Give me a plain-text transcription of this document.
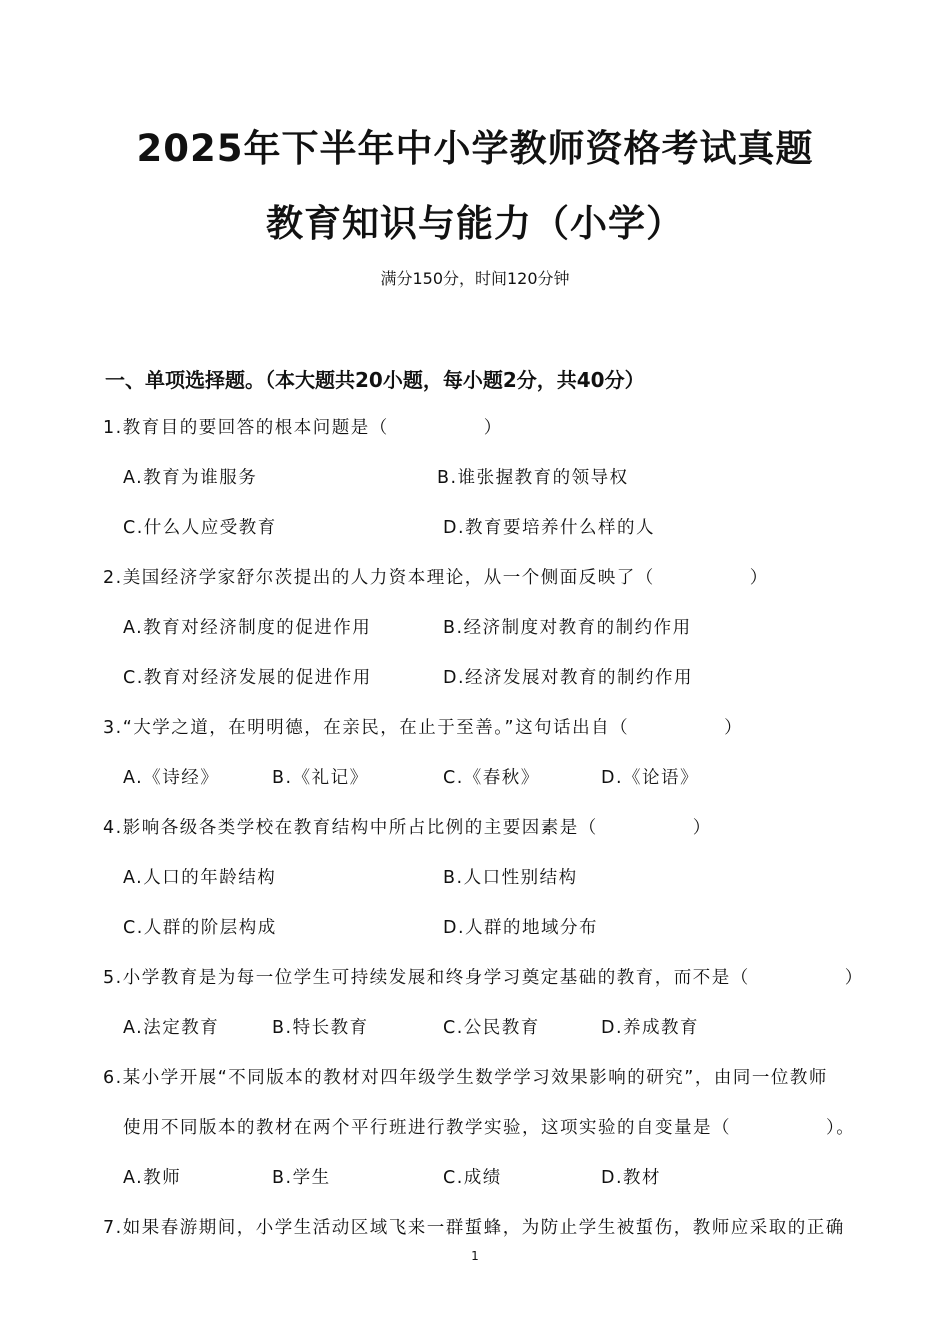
2025年下半年中小学教师资格考试真题
教育知识与能力（小学）
满分150分，时间120分钟
一、单项选择题。（本大题共20小题，每小题2分，共40分）
1.教育目的要回答的根本问题是（　　　　　）
A.教育为谁服务	B.谁张握教育的领导权
C.什么人应受教育	D.教育要培养什么样的人
2.美国经济学家舒尔茨提出的人力资本理论，从一个侧面反映了（　　　　　）
A.教育对经济制度的促进作用	B.经济制度对教育的制约作用
C.教育对经济发展的促进作用	D.经济发展对教育的制约作用
3.“大学之道，在明明德，在亲民，在止于至善。”这句话出自（　　　　　）
A.《诗经》	B.《礼记》	C.《春秋》	D.《论语》
4.影响各级各类学校在教育结构中所占比例的主要因素是（　　　　　）
A.人口的年龄结构	B.人口性别结构
C.人群的阶层构成	D.人群的地域分布
5.小学教育是为每一位学生可持续发展和终身学习奠定基础的教育，而不是（　　　　　）
A.法定教育	B.特长教育	C.公民教育	D.养成教育
6.某小学开展“不同版本的教材对四年级学生数学学习效果影响的研究”，由同一位教师
使用不同版本的教材在两个平行班进行教学实验，这项实验的自变量是（　　　　　）。
A.教师	B.学生	C.成绩	D.教材
7.如果春游期间，小学生活动区域飞来一群蜇蜂，为防止学生被蜇伤，教师应采取的正确
1
